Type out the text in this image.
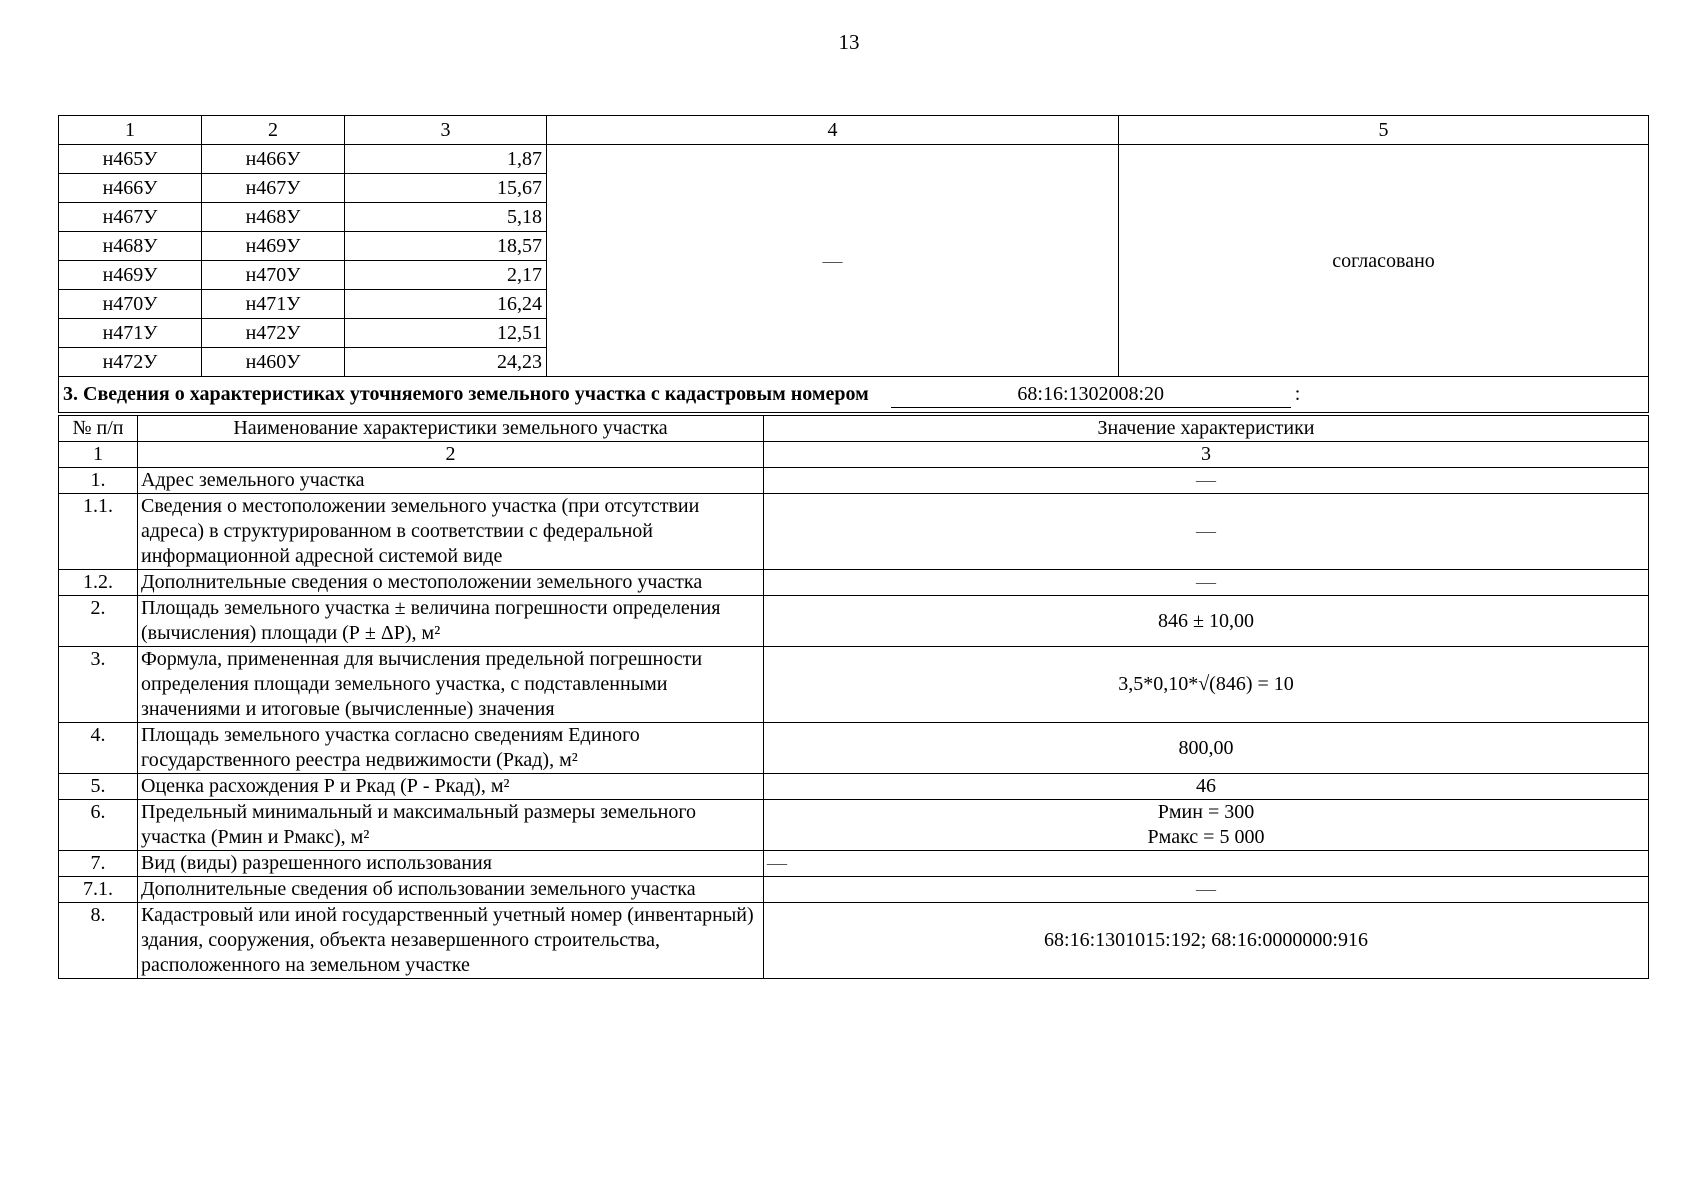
13
1	2	3	4	5
н465У	н466У	1,87	—	согласовано
н466У	н467У	15,67		
н467У	н468У	5,18		
н468У	н469У	18,57		
н469У	н470У	2,17		
н470У	н471У	16,24		
н471У	н472У	12,51		
н472У	н460У	24,23		
3. Сведения о характеристиках уточняемого земельного участка с кадастровым номером 68:16:1302008:20 :				
№ п/п	Наименование характеристики земельного участка	Значение характеристики
1	2	3
1.	Адрес земельного участка	—
1.1.	Сведения о местоположении земельного участка (при отсутствии адреса) в структурированном в соответствии с федеральной информационной адресной системой виде	—
1.2.	Дополнительные сведения о местоположении земельного участка	—
2.	Площадь земельного участка ± величина погрешности определения (вычисления) площади (Р ± ΔР), м²	846 ± 10,00
3.	Формула, примененная для вычисления предельной погрешности определения площади земельного участка, с подставленными значениями и итоговые (вычисленные) значения	3,5*0,10*√(846) = 10
4.	Площадь земельного участка согласно сведениям Единого государственного реестра недвижимости (Ркад), м²	800,00
5.	Оценка расхождения Р и Ркад (Р - Ркад), м²	46
6.	Предельный минимальный и максимальный размеры земельного участка (Рмин и Рмакс), м²	Рмин = 300
Рмакс = 5 000

7.	Вид (виды) разрешенного использования	—
7.1.	Дополнительные сведения об использовании земельного участка	—
8.	Кадастровый или иной государственный учетный номер (инвентарный) здания, сооружения, объекта незавершенного строительства, расположенного на земельном участке	68:16:1301015:192; 68:16:0000000:916
